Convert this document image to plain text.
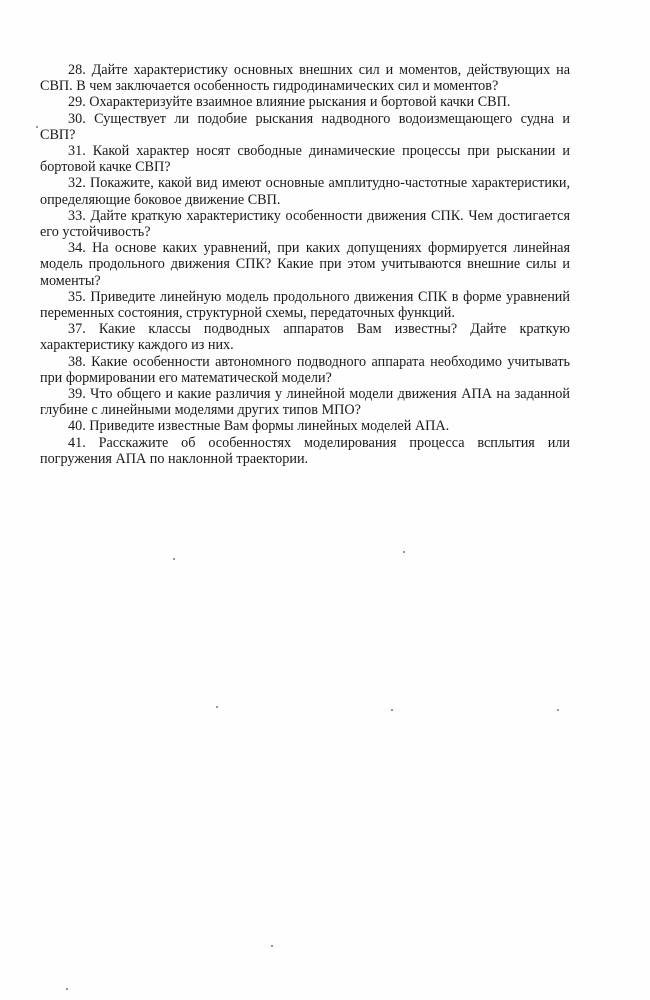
28. Дайте характеристику основных внешних сил и моментов, действующих на СВП. В чем заключается особенность гидродинамических сил и моментов?

29. Охарактеризуйте взаимное влияние рыскания и бортовой качки СВП.

30. Существует ли подобие рыскания надводного водоизмещающего судна и СВП?

31. Какой характер носят свободные динамические процессы при рыскании и бортовой качке СВП?

32. Покажите, какой вид имеют основные амплитудно-частотные характеристики, определяющие боковое движение СВП.

33. Дайте краткую характеристику особенности движения СПК. Чем достигается его устойчивость?

34. На основе каких уравнений, при каких допущениях формируется линейная модель продольного движения СПК? Какие при этом учитываются внешние силы и моменты?

35. Приведите линейную модель продольного движения СПК в форме уравнений переменных состояния, структурной схемы, передаточных функций.

37. Какие классы подводных аппаратов Вам известны? Дайте краткую характеристику каждого из них.

38. Какие особенности автономного подводного аппарата необходимо учитывать при формировании его математической модели?

39. Что общего и какие различия у линейной модели движения АПА на заданной глубине с линейными моделями других типов МПО?

40. Приведите известные Вам формы линейных моделей АПА.

41. Расскажите об особенностях моделирования процесса всплытия или погружения АПА по наклонной траектории.
